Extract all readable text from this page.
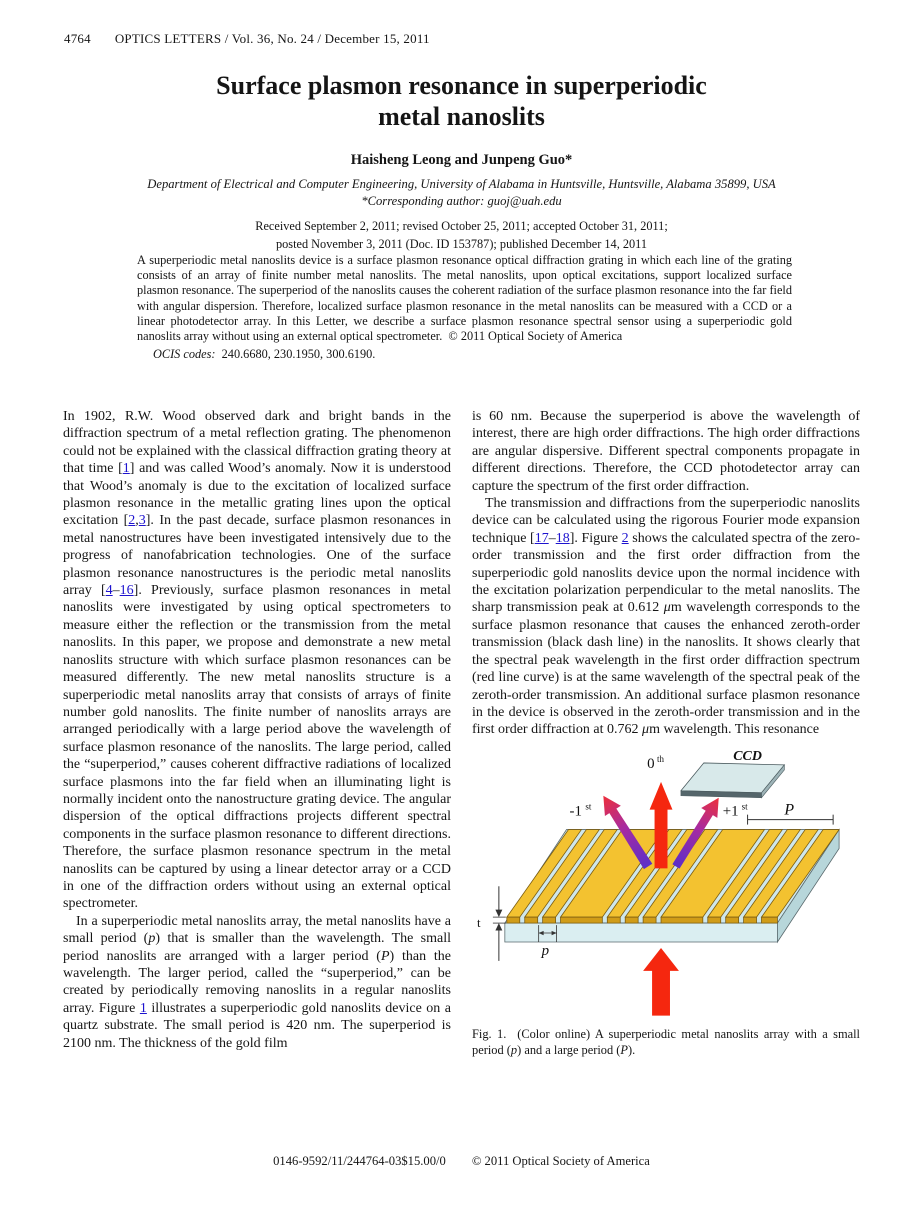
4764 OPTICS LETTERS / Vol. 36, No. 24 / December 15, 2011
Surface plasmon resonance in superperiodic
metal nanoslits
Haisheng Leong and Junpeng Guo*
Department of Electrical and Computer Engineering, University of Alabama in Huntsville, Huntsville, Alabama 35899, USA
*Corresponding author: guoj@uah.edu
Received September 2, 2011; revised October 25, 2011; accepted October 31, 2011;
posted November 3, 2011 (Doc. ID 153787); published December 14, 2011
A superperiodic metal nanoslits device is a surface plasmon resonance optical diffraction grating in which each line of the grating consists of an array of finite number metal nanoslits. The metal nanoslits, upon optical excitations, support localized surface plasmon resonance. The superperiod of the nanoslits causes the coherent radiation of the surface plasmon resonance into the far field with angular dispersion. Therefore, localized surface plasmon resonance in the metal nanoslits can be measured with a CCD or a linear photodetector array. In this Letter, we describe a surface plasmon resonance spectral sensor using a superperiodic gold nanoslits array without using an external optical spectrometer.  © 2011 Optical Society of America
OCIS codes:  240.6680, 230.1950, 300.6190.

In 1902, R.W. Wood observed dark and bright bands in the diffraction spectrum of a metal reflection grating. The phenomenon could not be explained with the classical diffraction grating theory at that time [1] and was called Wood’s anomaly. Now it is understood that Wood’s anomaly is due to the excitation of localized surface plasmon resonance in the metallic grating lines upon the optical excitation [2,3]. In the past decade, surface plasmon resonances in metal nanostructures have been investigated intensively due to the progress of nanofabrication technologies. One of the surface plasmon resonance nanostructures is the periodic metal nanoslits array [4–16]. Previously, surface plasmon resonances in metal nanoslits were investigated by using optical spectrometers to measure either the reflection or the transmission from the metal nanoslits. In this paper, we propose and demonstrate a new metal nanoslits structure with which surface plasmon resonances can be measured differently. The new metal nanoslits structure is a superperiodic metal nanoslits array that consists of arrays of finite number gold nanoslits. The finite number of nanoslits arrays are arranged periodically with a large period above the wavelength of surface plasmon resonance of the nanoslits. The large period, called the “superperiod,” causes coherent diffractive radiations of localized surface plasmons into the far field when an illuminating light is normally incident onto the nanostructure grating device. The angular dispersion of the optical diffractions projects different spectral components in the surface plasmon resonance to different directions. Therefore, the surface plasmon resonance spectrum in the metal nanoslits can be captured by using a linear detector array or a CCD in one of the diffraction orders without using an external optical spectrometer.

In a superperiodic metal nanoslits array, the metal nanoslits have a small period (p) that is smaller than the wavelength. The small period nanoslits are arranged with a larger period (P) than the wavelength. The larger period, called the “superperiod,” can be created by periodically removing nanoslits in a regular nanoslits array. Figure 1 illustrates a superperiodic gold nanoslits device on a quartz substrate. The small period is 420 nm. The superperiod is 2100 nm. The thickness of the gold film

is 60 nm. Because the superperiod is above the wavelength of interest, there are high order diffractions. The high order diffractions are angular dispersive. Different spectral components propagate in different directions. Therefore, the CCD photodetector array can capture the spectrum of the first order diffraction.

The transmission and diffractions from the superperiodic nanoslits device can be calculated using the rigorous Fourier mode expansion technique [17–18]. Figure 2 shows the calculated spectra of the zero-order transmission and the first order diffraction from the superperiodic gold nanoslits device upon the normal incidence with the excitation polarization perpendicular to the metal nanoslits. The sharp transmission peak at 0.612 μm wavelength corresponds to the surface plasmon resonance that causes the enhanced zeroth-order transmission (black dash line) in the nanoslits. It shows clearly that the spectral peak wavelength in the first order diffraction spectrum (red line curve) is at the same wavelength of the spectral peak of the zeroth-order transmission. An additional surface plasmon resonance in the device is observed in the zeroth-order transmission and in the first order diffraction at 0.762 μm wavelength. This resonance

CCD
0 th
-1 st	+1 st P
t
p
Fig. 1.  (Color online) A superperiodic metal nanoslits array with a small period (p) and a large period (P).
0146-9592/11/244764-03$15.00/0 © 2011 Optical Society of America
